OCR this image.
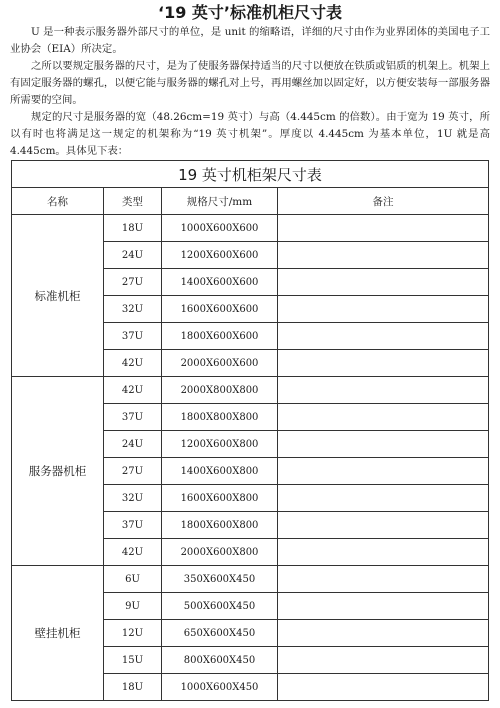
‘19 英寸’标准机柜尺寸表

U 是一种表示服务器外部尺寸的单位，是 unit 的缩略语，详细的尺寸由作为业界团体的美国电子工业协会（EIA）所决定。

之所以要规定服务器的尺寸，是为了使服务器保持适当的尺寸以便放在铁质或铝质的机架上。机架上有固定服务器的螺孔，以便它能与服务器的螺孔对上号，再用螺丝加以固定好，以方便安装每一部服务器所需要的空间。

规定的尺寸是服务器的宽（48.26cm=19 英寸）与高（4.445cm 的倍数）。由于宽为 19 英寸，所以有时也将满足这一规定的机架称为“19 英寸机架”。厚度以 4.445cm 为基本单位，1U 就是高 4.445cm。具体见下表：

19 英寸机柜架尺寸表			
名称	类型	规格尺寸/mm	备注
标准机柜	18U	1000X600X600	
	24U	1200X600X600	
	27U	1400X600X600	
	32U	1600X600X600	
	37U	1800X600X600	
	42U	2000X600X600	
服务器机柜	42U	2000X800X800	
	37U	1800X800X800	
	24U	1200X600X800	
	27U	1400X600X800	
	32U	1600X600X800	
	37U	1800X600X800	
	42U	2000X600X800	
壁挂机柜	6U	350X600X450	
	9U	500X600X450	
	12U	650X600X450	
	15U	800X600X450	
	18U	1000X600X450	
